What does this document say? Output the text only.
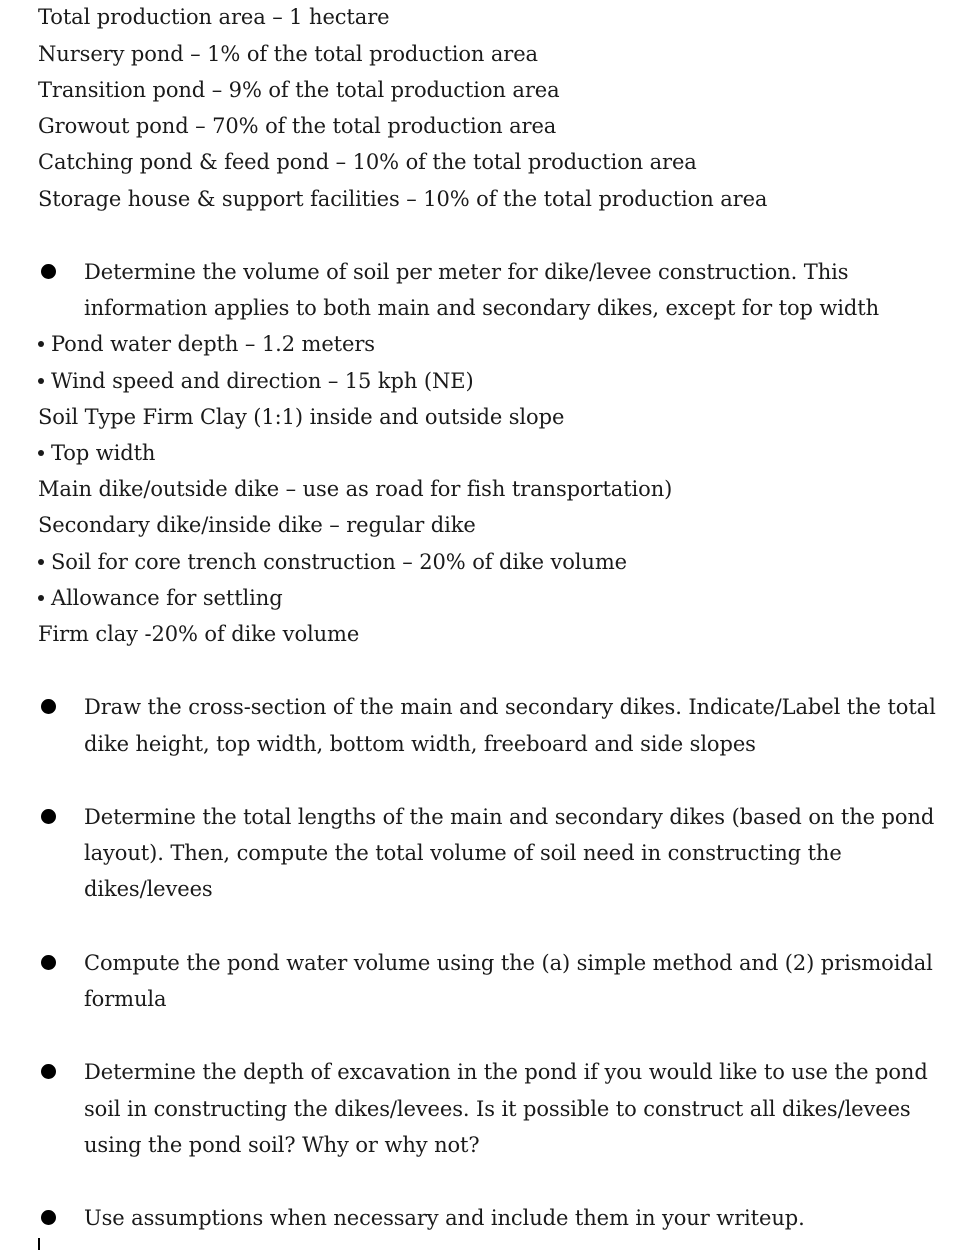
Total production area – 1 hectare
Nursery pond – 1% of the total production area
Transition pond – 9% of the total production area
Growout pond – 70% of the total production area
Catching pond & feed pond – 10% of the total production area
Storage house & support facilities – 10% of the total production area
Determine the volume of soil per meter for dike/levee construction. This
information applies to both main and secondary dikes, except for top width
Pond water depth – 1.2 meters
Wind speed and direction – 15 kph (NE)
Soil Type Firm Clay (1:1) inside and outside slope
Top width
Main dike/outside dike – use as road for fish transportation)
Secondary dike/inside dike – regular dike
Soil for core trench construction – 20% of dike volume
Allowance for settling
Firm clay -20% of dike volume
Draw the cross-section of the main and secondary dikes. Indicate/Label the total
dike height, top width, bottom width, freeboard and side slopes
Determine the total lengths of the main and secondary dikes (based on the pond
layout). Then, compute the total volume of soil need in constructing the
dikes/levees
Compute the pond water volume using the (a) simple method and (2) prismoidal
formula
Determine the depth of excavation in the pond if you would like to use the pond
soil in constructing the dikes/levees. Is it possible to construct all dikes/levees
using the pond soil? Why or why not?
Use assumptions when necessary and include them in your writeup.
